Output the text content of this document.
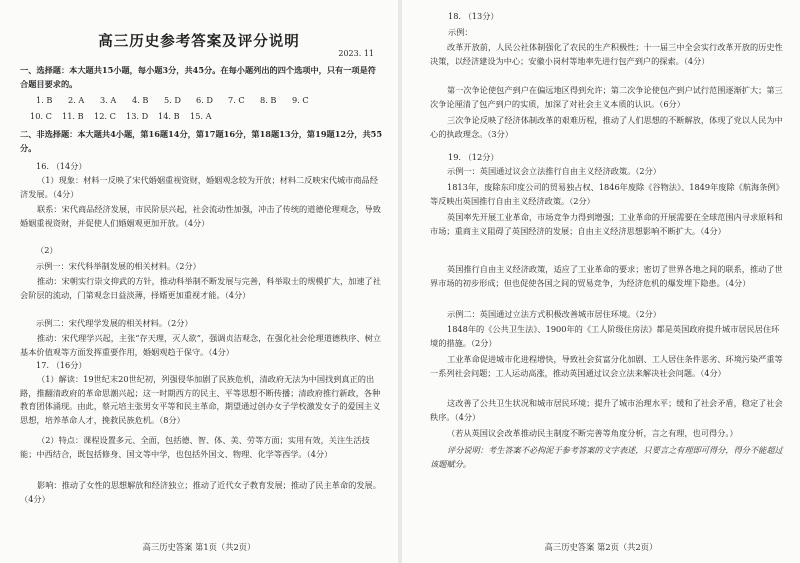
高三历史参考答案及评分说明
2023. 11
一、选择题：本大题共15小题，每小题3分，共45分。在每小题列出的四个选项中，只有一项是符合题目要求的。
1. B	2. A	3. A	4. B	5. D	6. D	7. C	8. B	9. C
10. C	11. B	12. C	13. D	14. B	15. A
二、非选择题：本大题共4小题，第16题14分，第17题16分，第18题13分，第19题12分，共55分。
16. （14分）
（1）现象：材料一反映了宋代婚姻重视资财，婚姻观念较为开放；材料二反映宋代城市商品经济发展。（4分）
联系：宋代商品经济发展，市民阶层兴起，社会流动性加强，冲击了传统的道德伦理观念，导致婚姻重视资财，并促使人们婚姻观更加开放。（4分）
（2）
示例一：宋代科举制发展的相关材料。（2分）
推动：宋朝实行崇文抑武的方针，推动科举制不断发展与完善，科举取士的规模扩大，加速了社会阶层的流动，门第观念日益淡薄，择婿更加重视才能。（4分）
示例二：宋代理学发展的相关材料。（2分）
推动：宋代理学兴起，主张“存天理，灭人欲”，强调贞洁观念，在强化社会伦理道德秩序、树立基本价值观等方面发挥重要作用，婚姻观趋于保守。（4分）
17. （16分）
（1）解读：19世纪末20世纪初，列强侵华加剧了民族危机，清政府无法为中国找到真正的出路，推翻清政府的革命思潮兴起；这一时期西方的民主、平等思想不断传播；清政府推行新政，各种教育团体涌现。由此，蔡元培主张男女平等和民主革命，期望通过创办女子学校激发女子的爱国主义思想，培养革命人才，挽救民族危机。（8分）
（2）特点：课程设置多元、全面，包括德、智、体、美、劳等方面；实用有效，关注生活技能；中西结合，既包括修身、国文等中学，也包括外国文、物理、化学等西学。（4分）
影响：推动了女性的思想解放和经济独立；推动了近代女子教育发展；推动了民主革命的发展。（4分）
高三历史答案 第1页（共2页）
18. （13分）
示例：
改革开放前，人民公社体制强化了农民的生产积极性；十一届三中全会实行改革开放的历史性决策，以经济建设为中心；安徽小岗村等地率先进行包产到户的探索。（4分）
第一次争论使包产到户在偏远地区得到允许；第二次争论使包产到户试行范围逐渐扩大；第三次争论厘清了包产到户的实质，加深了对社会主义本质的认识。（6分）
三次争论反映了经济体制改革的艰难历程，推动了人们思想的不断解放，体现了党以人民为中心的执政理念。（3分）
19. （12分）
示例一：英国通过议会立法推行自由主义经济政策。（2分）
1813年，废除东印度公司的贸易独占权、1846年废除《谷物法》、1849年废除《航海条例》等反映出英国推行自由主义经济政策。（2分）
英国率先开展工业革命，市场竞争力得到增强；工业革命的开展需要在全球范围内寻求原料和市场；重商主义阻碍了英国经济的发展；自由主义经济思想影响不断扩大。（4分）
英国推行自由主义经济政策，适应了工业革命的要求；密切了世界各地之间的联系，推动了世界市场的初步形成；但也促使各国之间的贸易竞争，为经济危机的爆发埋下隐患。（4分）
示例二：英国通过立法方式积极改善城市居住环境。（2分）
1848年的《公共卫生法》、1900年的《工人阶级住房法》都是英国政府提升城市居民居住环境的措施。（2分）
工业革命促进城市化进程增快，导致社会贫富分化加剧、工人居住条件恶劣、环境污染严重等一系列社会问题；工人运动高涨，推动英国通过议会立法来解决社会问题。（4分）
这改善了公共卫生状况和城市居民环境；提升了城市治理水平；缓和了社会矛盾，稳定了社会秩序。（4分）
（若从英国议会改革推动民主制度不断完善等角度分析，言之有理，也可得分。）
评分说明：考生答案不必拘泥于参考答案的文字表述，只要言之有理即可得分，得分不能超过该题赋分。
高三历史答案 第2页（共2页）
